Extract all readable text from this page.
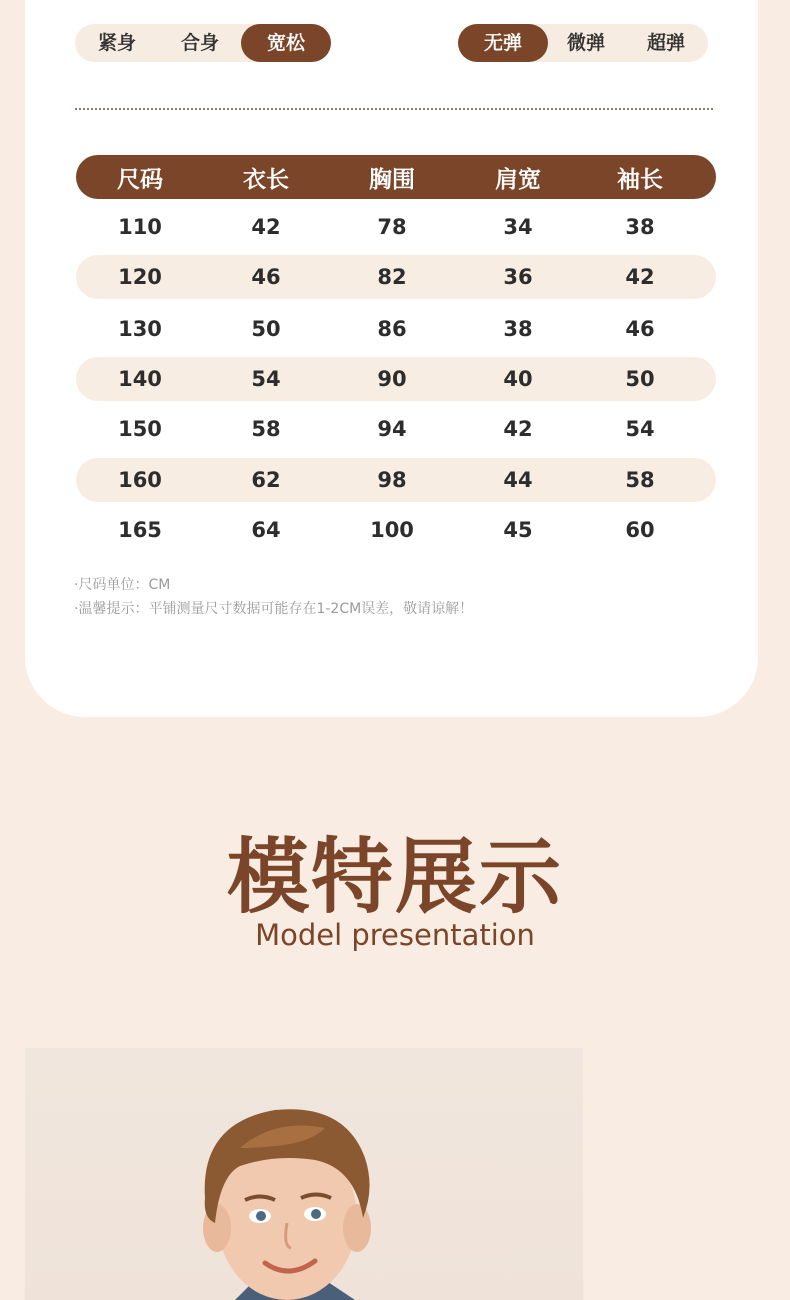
紧身	合身	宽松	无弹	微弹	超弹
尺码	衣长	胸围	肩宽	袖长
110	42	78	34	38
120	46	82	36	42
130	50	86	38	46
140	54	90	40	50
150	58	94	42	54
160	62	98	44	58
165	64	100	45	60
·尺码单位：CM
·温馨提示：平铺测量尺寸数据可能存在1-2CM误差，敬请谅解！
模特展示
Model presentation
